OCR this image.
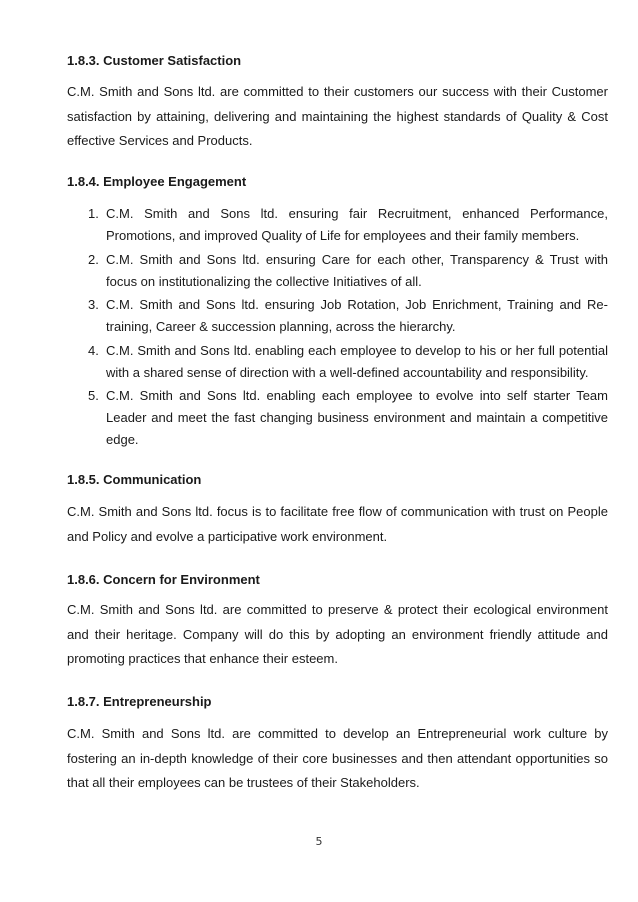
1.8.3. Customer Satisfaction

C.M. Smith and Sons ltd. are committed to their customers our success with their Customer satisfaction by attaining, delivering and maintaining the highest standards of Quality & Cost effective Services and Products.

1.8.4. Employee Engagement
1. C.M. Smith and Sons ltd. ensuring fair Recruitment, enhanced Performance, Promotions, and improved Quality of Life for employees and their family members.
2. C.M. Smith and Sons ltd. ensuring Care for each other, Transparency & Trust with focus on institutionalizing the collective Initiatives of all.
3. C.M. Smith and Sons ltd. ensuring Job Rotation, Job Enrichment, Training and Re-training, Career & succession planning, across the hierarchy.
4. C.M. Smith and Sons ltd. enabling each employee to develop to his or her full potential with a shared sense of direction with a well-defined accountability and responsibility.
5. C.M. Smith and Sons ltd. enabling each employee to evolve into self starter Team Leader and meet the fast changing business environment and maintain a competitive edge.
1.8.5. Communication

C.M. Smith and Sons ltd. focus is to facilitate free flow of communication with trust on People and Policy and evolve a participative work environment.

1.8.6. Concern for Environment

C.M. Smith and Sons ltd. are committed to preserve & protect their ecological environment and their heritage. Company will do this by adopting an environment friendly attitude and promoting practices that enhance their esteem.

1.8.7. Entrepreneurship

C.M. Smith and Sons ltd. are committed to develop an Entrepreneurial work culture by fostering an in-depth knowledge of their core businesses and then attendant opportunities so that all their employees can be trustees of their Stakeholders.

5
